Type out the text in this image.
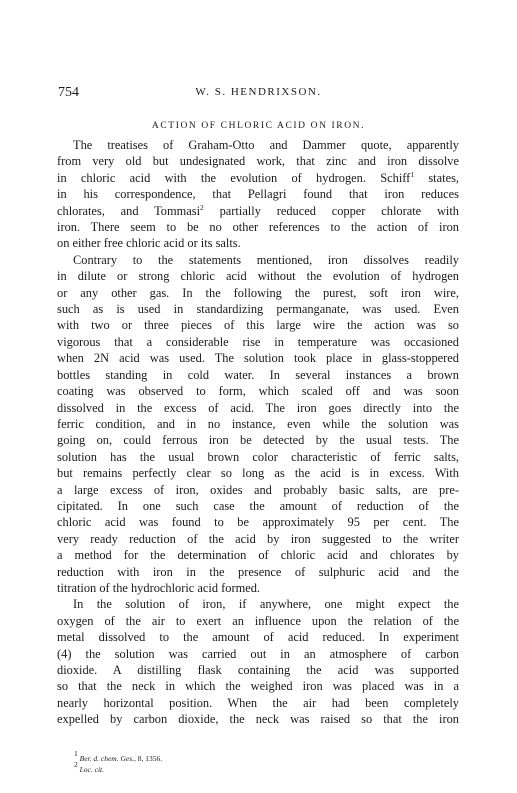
754	W. S. HENDRIXSON.
ACTION OF CHLORIC ACID ON IRON.
The treatises of Graham-Otto and Dammer quote, apparently
from very old but undesignated work, that zinc and iron dissolve
in chloric acid with the evolution of hydrogen. Schiff$^1$ states,
in his correspondence, that Pellagri found that iron reduces
chlorates, and Tommasi$^2$ partially reduced copper chlorate with
iron. There seem to be no other references to the action of iron
on either free chloric acid or its salts.
Contrary to the statements mentioned, iron dissolves readily
in dilute or strong chloric acid without the evolution of hydrogen
or any other gas. In the following the purest, soft iron wire,
such as is used in standardizing permanganate, was used. Even
with two or three pieces of this large wire the action was so
vigorous that a considerable rise in temperature was occasioned
when 2N acid was used. The solution took place in glass-stoppered
bottles standing in cold water. In several instances a brown
coating was observed to form, which scaled off and was soon
dissolved in the excess of acid. The iron goes directly into the
ferric condition, and in no instance, even while the solution was
going on, could ferrous iron be detected by the usual tests. The
solution has the usual brown color characteristic of ferric salts,
but remains perfectly clear so long as the acid is in excess. With
a large excess of iron, oxides and probably basic salts, are pre-
cipitated. In one such case the amount of reduction of the
chloric acid was found to be approximately 95 per cent. The
very ready reduction of the acid by iron suggested to the writer
a method for the determination of chloric acid and chlorates by
reduction with iron in the presence of sulphuric acid and the
titration of the hydrochloric acid formed.
In the solution of iron, if anywhere, one might expect the
oxygen of the air to exert an influence upon the relation of the
metal dissolved to the amount of acid reduced. In experiment
(4) the solution was carried out in an atmosphere of carbon
dioxide. A distilling flask containing the acid was supported
so that the neck in which the weighed iron was placed was in a
nearly horizontal position. When the air had been completely
expelled by carbon dioxide, the neck was raised so that the iron
$^1$ Ber. d. chem. Ges., 8, 1356.
$^2$ Loc. cit.
